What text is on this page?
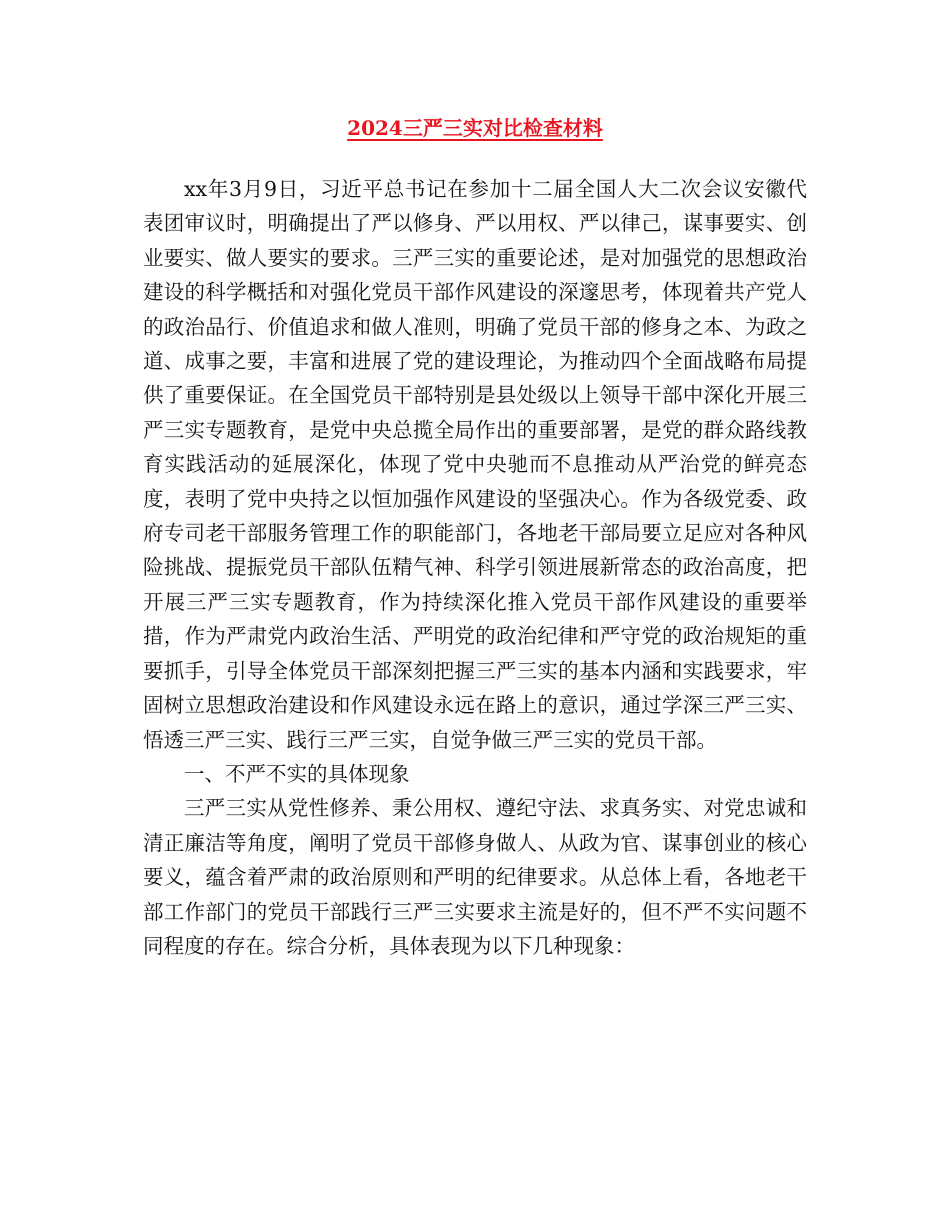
2024三严三实对比检查材料

xx年3月9日，习近平总书记在参加十二届全国人大二次会议安徽代表团审议时，明确提出了严以修身、严以用权、严以律己，谋事要实、创业要实、做人要实的要求。三严三实的重要论述，是对加强党的思想政治建设的科学概括和对强化党员干部作风建设的深邃思考，体现着共产党人的政治品行、价值追求和做人准则，明确了党员干部的修身之本、为政之道、成事之要，丰富和进展了党的建设理论，为推动四个全面战略布局提供了重要保证。在全国党员干部特别是县处级以上领导干部中深化开展三严三实专题教育，是党中央总揽全局作出的重要部署，是党的群众路线教育实践活动的延展深化，体现了党中央驰而不息推动从严治党的鲜亮态度，表明了党中央持之以恒加强作风建设的坚强决心。作为各级党委、政府专司老干部服务管理工作的职能部门，各地老干部局要立足应对各种风险挑战、提振党员干部队伍精气神、科学引领进展新常态的政治高度，把开展三严三实专题教育，作为持续深化推入党员干部作风建设的重要举措，作为严肃党内政治生活、严明党的政治纪律和严守党的政治规矩的重要抓手，引导全体党员干部深刻把握三严三实的基本内涵和实践要求，牢固树立思想政治建设和作风建设永远在路上的意识，通过学深三严三实、悟透三严三实、践行三严三实，自觉争做三严三实的党员干部。

一、不严不实的具体现象

三严三实从党性修养、秉公用权、遵纪守法、求真务实、对党忠诚和清正廉洁等角度，阐明了党员干部修身做人、从政为官、谋事创业的核心要义，蕴含着严肃的政治原则和严明的纪律要求。从总体上看，各地老干部工作部门的党员干部践行三严三实要求主流是好的，但不严不实问题不同程度的存在。综合分析，具体表现为以下几种现象：
